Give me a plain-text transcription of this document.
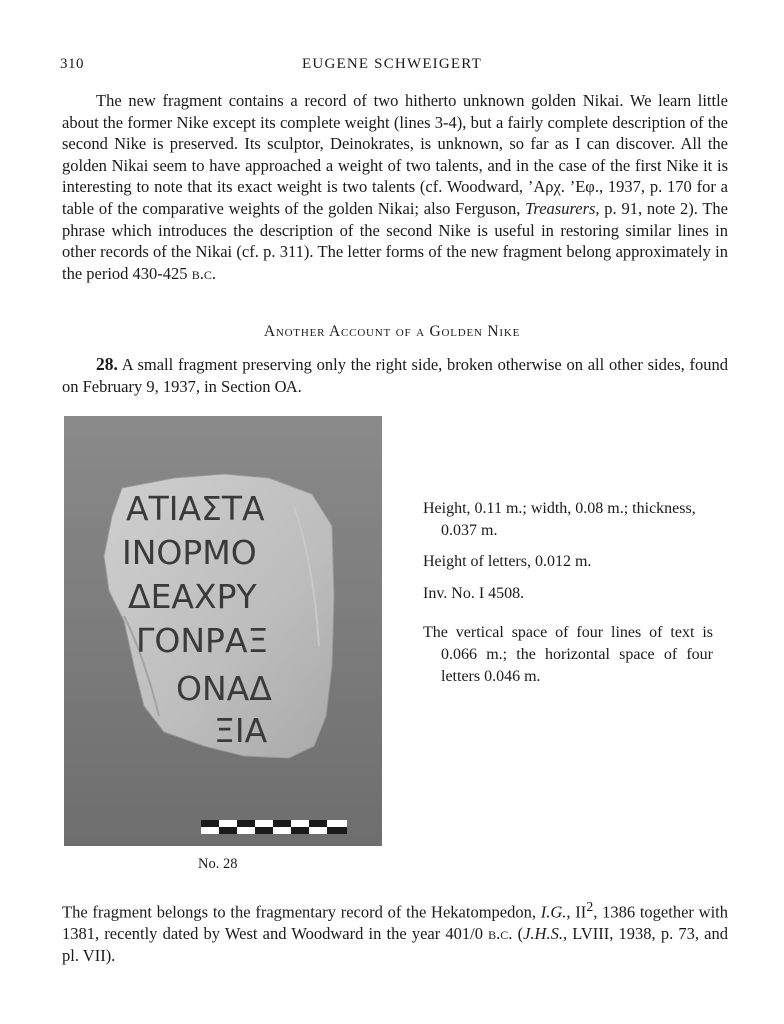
310	EUGENE SCHWEIGERT

The new fragment contains a record of two hitherto unknown golden Nikai. We learn little about the former Nike except its complete weight (lines 3-4), but a fairly complete description of the second Nike is preserved. Its sculptor, Deinokrates, is unknown, so far as I can discover. All the golden Nikai seem to have approached a weight of two talents, and in the case of the first Nike it is interesting to note that its exact weight is two talents (cf. Woodward, ’Αρχ. ’Εφ., 1937, p. 170 for a table of the comparative weights of the golden Nikai; also Ferguson, Treasurers, p. 91, note 2). The phrase which introduces the description of the second Nike is useful in restoring similar lines in other records of the Nikai (cf. p. 311). The letter forms of the new fragment belong approximately in the period 430-425 b.c.

Another Account of a Golden Nike

28. A small fragment preserving only the right side, broken otherwise on all other sides, found on February 9, 1937, in Section ΟΑ.

ΑΤΙΑΣΤΑ
ΙΝΟΡΜΟ
ΔΕΑΧΡΥ
ΓΟΝΡΑΞ
ΟΝΑΔ
ΞΙΑ
No. 28

Height, 0.11 m.; width, 0.08 m.; thickness, 0.037 m.

Height of letters, 0.012 m.

Inv. No. I 4508.

The vertical space of four lines of text is 0.066 m.; the horizontal space of four letters 0.046 m.

The fragment belongs to the fragmentary record of the Hekatompedon, I.G., $II^2$, 1386 together with 1381, recently dated by West and Woodward in the year 401/0 b.c. (J.H.S., LVIII, 1938, p. 73, and pl. VII).
